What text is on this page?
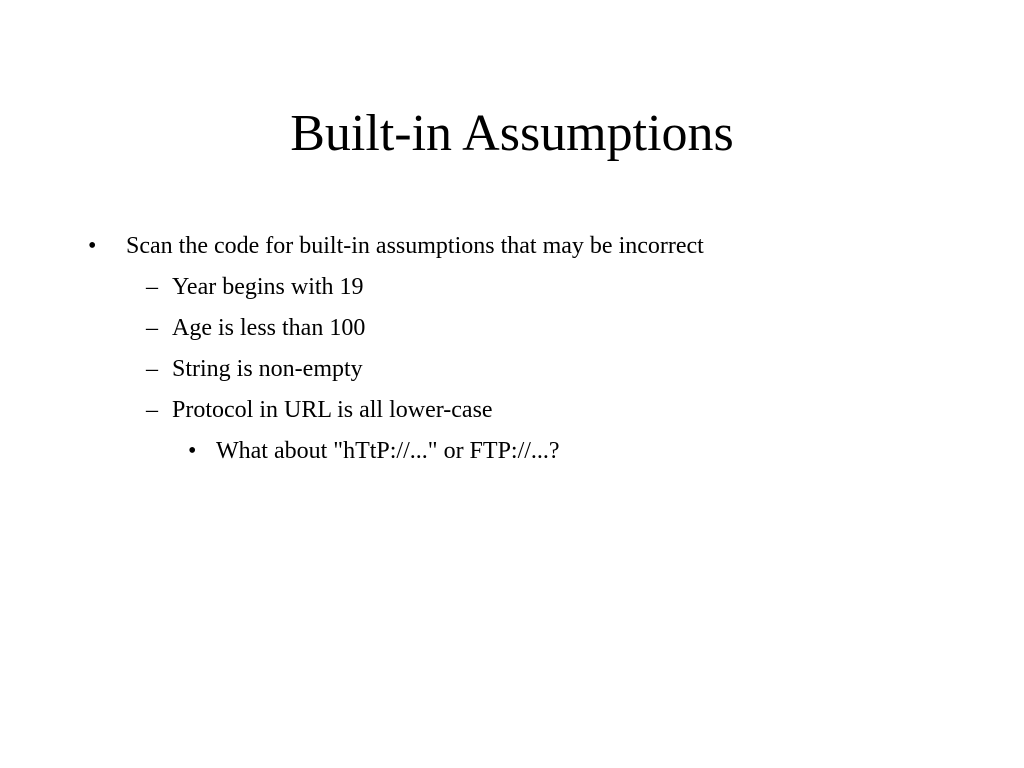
Built-in Assumptions
• Scan the code for built-in assumptions that may be incorrect
– Year begins with 19
– Age is less than 100
– String is non-empty
– Protocol in URL is all lower-case
• What about "hTtP://..." or FTP://...?
